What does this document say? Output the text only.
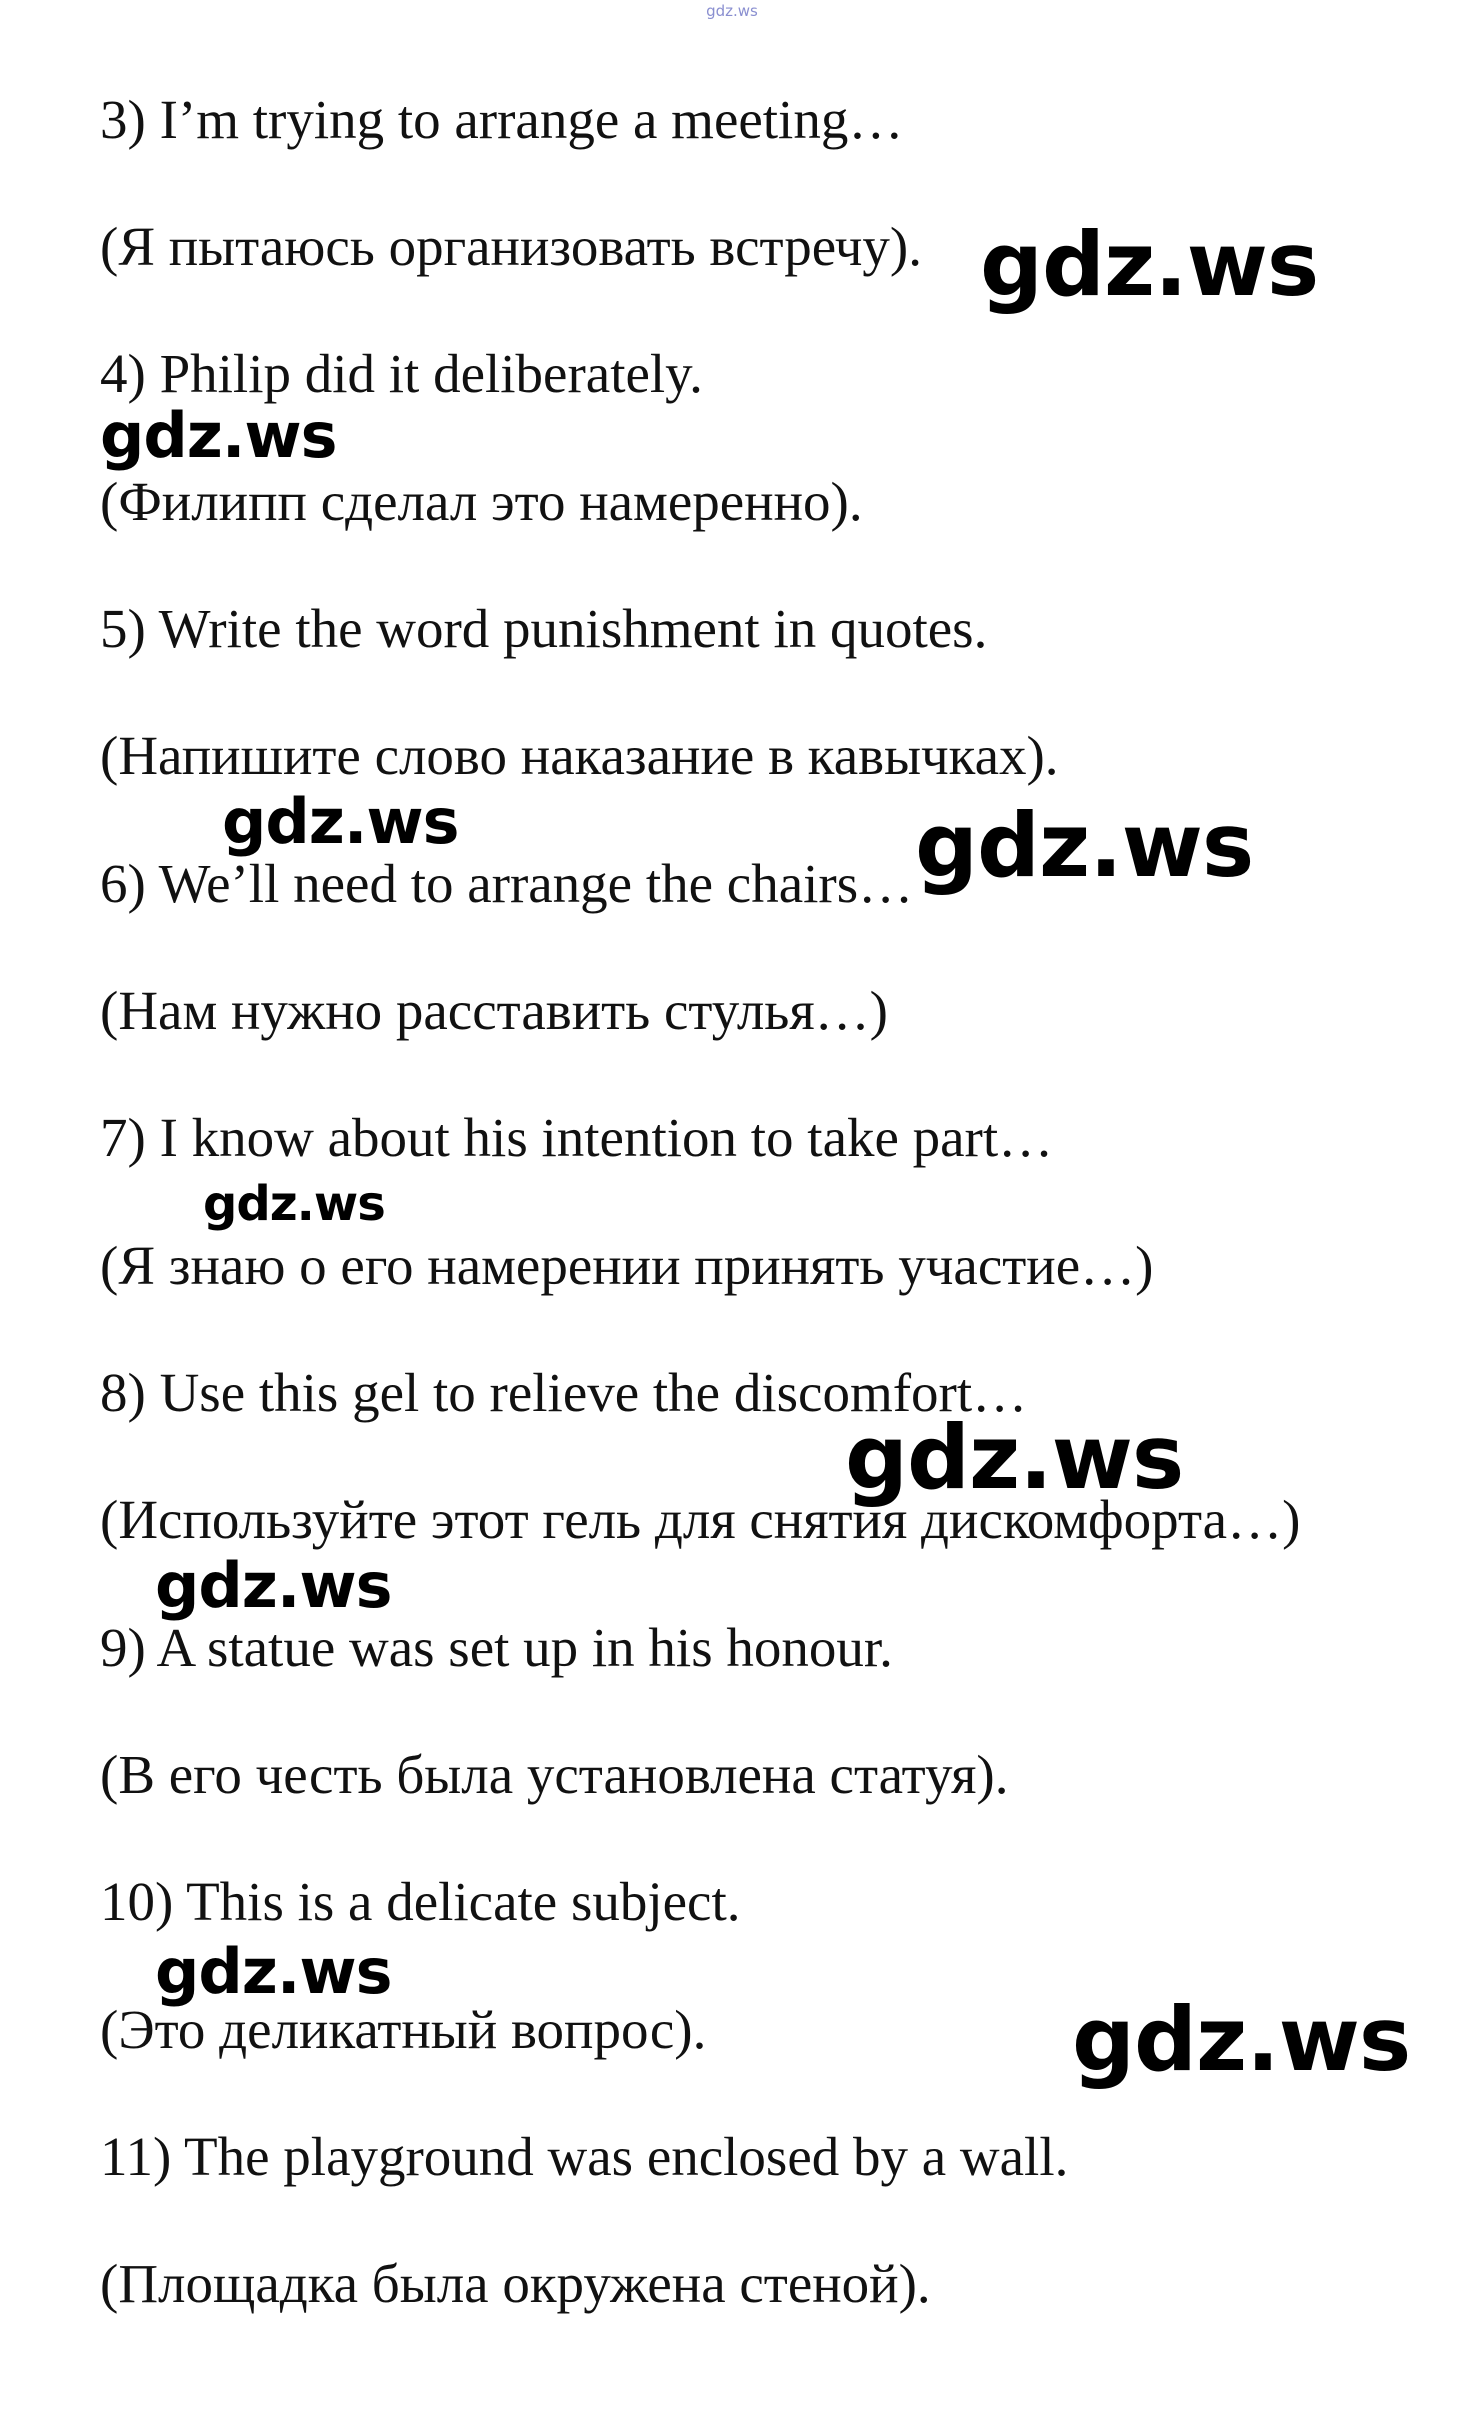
gdz.ws
3) I’m trying to arrange a meeting…
(Я пытаюсь организовать встречу).
4) Philip did it deliberately.
(Филипп сделал это намеренно).
5) Write the word punishment in quotes.
(Напишите слово наказание в кавычках).
6) We’ll need to arrange the chairs…
(Нам нужно расставить стулья…)
7) I know about his intention to take part…
(Я знаю о его намерении принять участие…)
8) Use this gel to relieve the discomfort…
(Используйте этот гель для снятия дискомфорта…)
9) A statue was set up in his honour.
(В его честь была установлена статуя).
10) This is a delicate subject.
(Это деликатный вопрос).
11) The playground was enclosed by a wall.
(Площадка была окружена стеной).
gdz.ws
gdz.ws
gdz.ws	gdz.ws
gdz.ws
gdz.ws
gdz.ws
gdz.ws
gdz.ws
